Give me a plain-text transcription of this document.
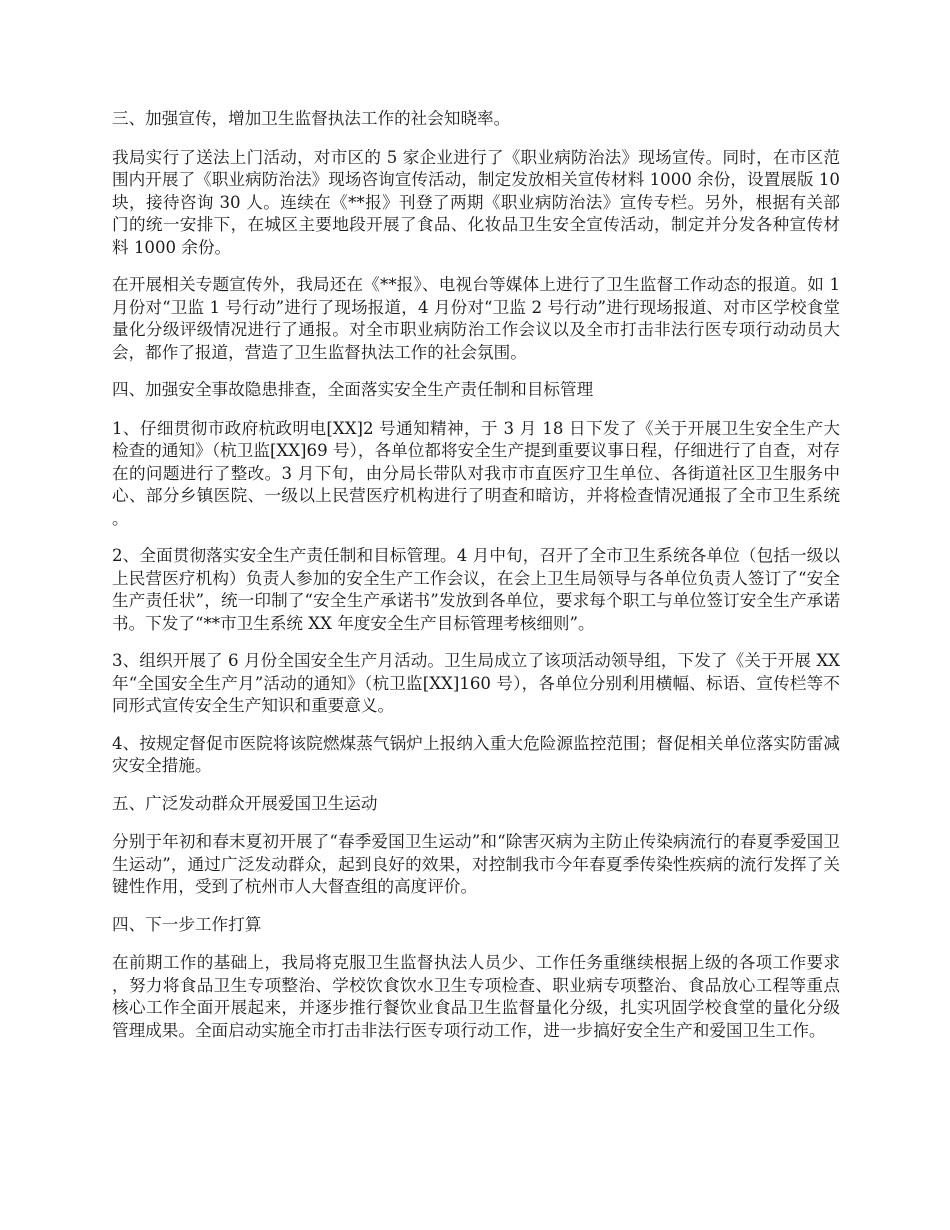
三、加强宣传，增加卫生监督执法工作的社会知晓率。

我局实行了送法上门活动，对市区的 5 家企业进行了《职业病防治法》现场宣传。同时，在市区范围内开展了《职业病防治法》现场咨询宣传活动，制定发放相关宣传材料 1000 余份，设置展版 10 块，接待咨询 30 人。连续在《**报》刊登了两期《职业病防治法》宣传专栏。另外，根据有关部门的统一安排下，在城区主要地段开展了食品、化妆品卫生安全宣传活动，制定并分发各种宣传材料 1000 余份。

在开展相关专题宣传外，我局还在《**报》、电视台等媒体上进行了卫生监督工作动态的报道。如 1 月份对“卫监 1 号行动”进行了现场报道，4 月份对“卫监 2 号行动”进行现场报道、对市区学校食堂量化分级评级情况进行了通报。对全市职业病防治工作会议以及全市打击非法行医专项行动动员大会，都作了报道，营造了卫生监督执法工作的社会氛围。

四、加强安全事故隐患排查，全面落实安全生产责任制和目标管理

1、仔细贯彻市政府杭政明电[XX]2 号通知精神，于 3 月 18 日下发了《关于开展卫生安全生产大检查的通知》（杭卫监[XX]69 号），各单位都将安全生产提到重要议事日程，仔细进行了自查，对存在的问题进行了整改。3 月下旬，由分局长带队对我市市直医疗卫生单位、各街道社区卫生服务中心、部分乡镇医院、一级以上民营医疗机构进行了明查和暗访，并将检查情况通报了全市卫生系统。

2、全面贯彻落实安全生产责任制和目标管理。4 月中旬，召开了全市卫生系统各单位（包括一级以上民营医疗机构）负责人参加的安全生产工作会议，在会上卫生局领导与各单位负责人签订了“安全生产责任状”，统一印制了“安全生产承诺书”发放到各单位，要求每个职工与单位签订安全生产承诺书。下发了“**市卫生系统 XX 年度安全生产目标管理考核细则”。

3、组织开展了 6 月份全国安全生产月活动。卫生局成立了该项活动领导组，下发了《关于开展 XX 年“全国安全生产月”活动的通知》（杭卫监[XX]160 号），各单位分别利用横幅、标语、宣传栏等不同形式宣传安全生产知识和重要意义。

4、按规定督促市医院将该院燃煤蒸气锅炉上报纳入重大危险源监控范围；督促相关单位落实防雷减灾安全措施。

五、广泛发动群众开展爱国卫生运动

分别于年初和春末夏初开展了“春季爱国卫生运动”和“除害灭病为主防止传染病流行的春夏季爱国卫生运动”，通过广泛发动群众，起到良好的效果，对控制我市今年春夏季传染性疾病的流行发挥了关键性作用，受到了杭州市人大督查组的高度评价。

四、下一步工作打算

在前期工作的基础上，我局将克服卫生监督执法人员少、工作任务重继续根据上级的各项工作要求，努力将食品卫生专项整治、学校饮食饮水卫生专项检查、职业病专项整治、食品放心工程等重点核心工作全面开展起来，并逐步推行餐饮业食品卫生监督量化分级，扎实巩固学校食堂的量化分级管理成果。全面启动实施全市打击非法行医专项行动工作，进一步搞好安全生产和爱国卫生工作。
